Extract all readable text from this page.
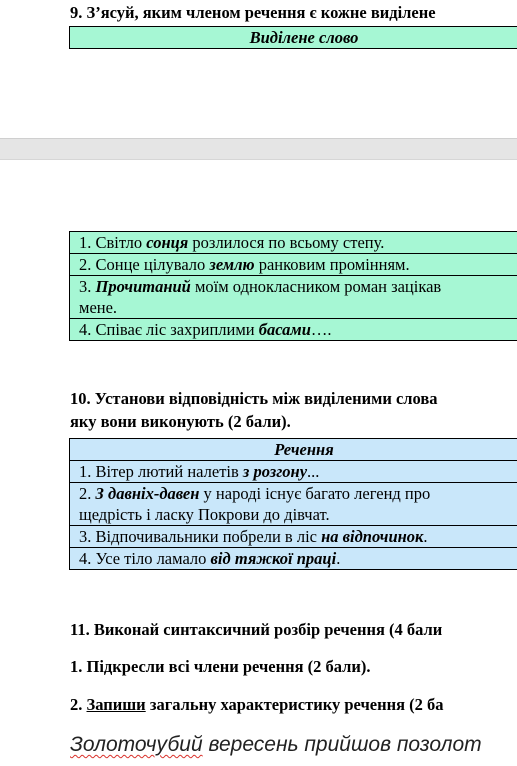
9. З’ясуй, яким членом речення є кожне виділене
Виділене слово
1. Світло сонця розлилося по всьому степу.

2. Сонце цілувало землю ранковим промінням.

3. Прочитаний моїм однокласником роман зацікав
мене.

4. Співає ліс захриплими басами….
10. Установи відповідність між виділеними слова
яку вони виконують (2 бали).
Речення

1. Вітер лютий налетів з розгону...

2. З давніх-давен у народі існує багато легенд про
щедрість і ласку Покрови до дівчат.

3. Відпочивальники побрели в ліс на відпочинок.

4. Усе тіло ламало від тяжкої праці.
11. Виконай синтаксичний розбір речення (4 бали
1. Підкресли всі члени речення (2 бали).
2. Запиши загальну характеристику речення (2 ба
Золоточубий вересень прийшов позолот
